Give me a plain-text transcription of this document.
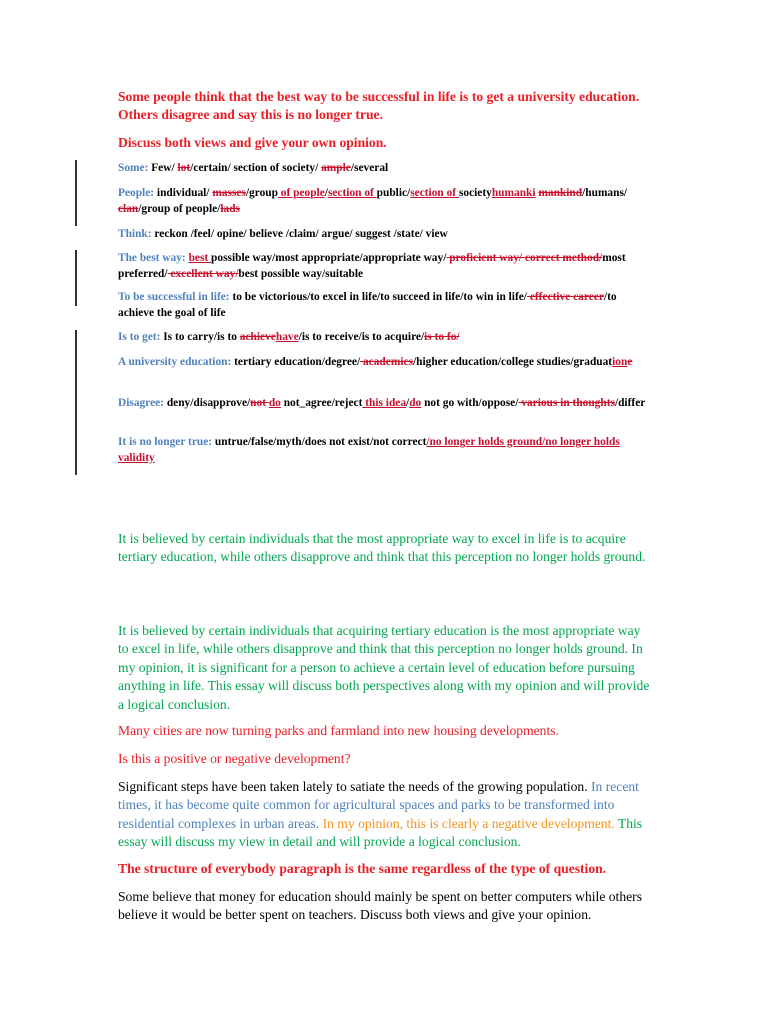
Some people think that the best way to be successful in life is to get a university education. Others disagree and say this is no longer true.
Discuss both views and give your own opinion.
Some: Few/ lot/certain/ section of society/ ample/several
People: individual/ masses/group of people/section of public/section of societyhumanki mankind/humans/ clan/group of people/lads
Think: reckon /feel/ opine/ believe /claim/ argue/ suggest /state/ view
The best way: best possible way/most appropriate/appropriate way/ proficient way/ correct method/most preferred/ excellent way/best possible way/suitable
To be successful in life: to be victorious/to excel in life/to succeed in life/to win in life/ effective career/to achieve the goal of life
Is to get: Is to carry/is to achievehave/is to receive/is to acquire/is to fo/
A university education: tertiary education/degree/ academics/higher education/college studies/graduatione
Disagree: deny/disapprove/not do not_agree/reject this idea/do not go with/oppose/ various in thoughts/differ
It is no longer true: untrue/false/myth/does not exist/not correct/no longer holds ground/no longer holds validity
It is believed by certain individuals that the most appropriate way to excel in life is to acquire tertiary education, while others disapprove and think that this perception no longer holds ground.
It is believed by certain individuals that acquiring tertiary education is the most appropriate way to excel in life, while others disapprove and think that this perception no longer holds ground. In my opinion, it is significant for a person to achieve a certain level of education before pursuing anything in life. This essay will discuss both perspectives along with my opinion and will provide a logical conclusion.
Many cities are now turning parks and farmland into new housing developments.
Is this a positive or negative development?
Significant steps have been taken lately to satiate the needs of the growing population. In recent times, it has become quite common for agricultural spaces and parks to be transformed into residential complexes in urban areas. In my opinion, this is clearly a negative development. This essay will discuss my view in detail and will provide a logical conclusion.
The structure of everybody paragraph is the same regardless of the type of question.
Some believe that money for education should mainly be spent on better computers while others believe it would be better spent on teachers. Discuss both views and give your opinion.
